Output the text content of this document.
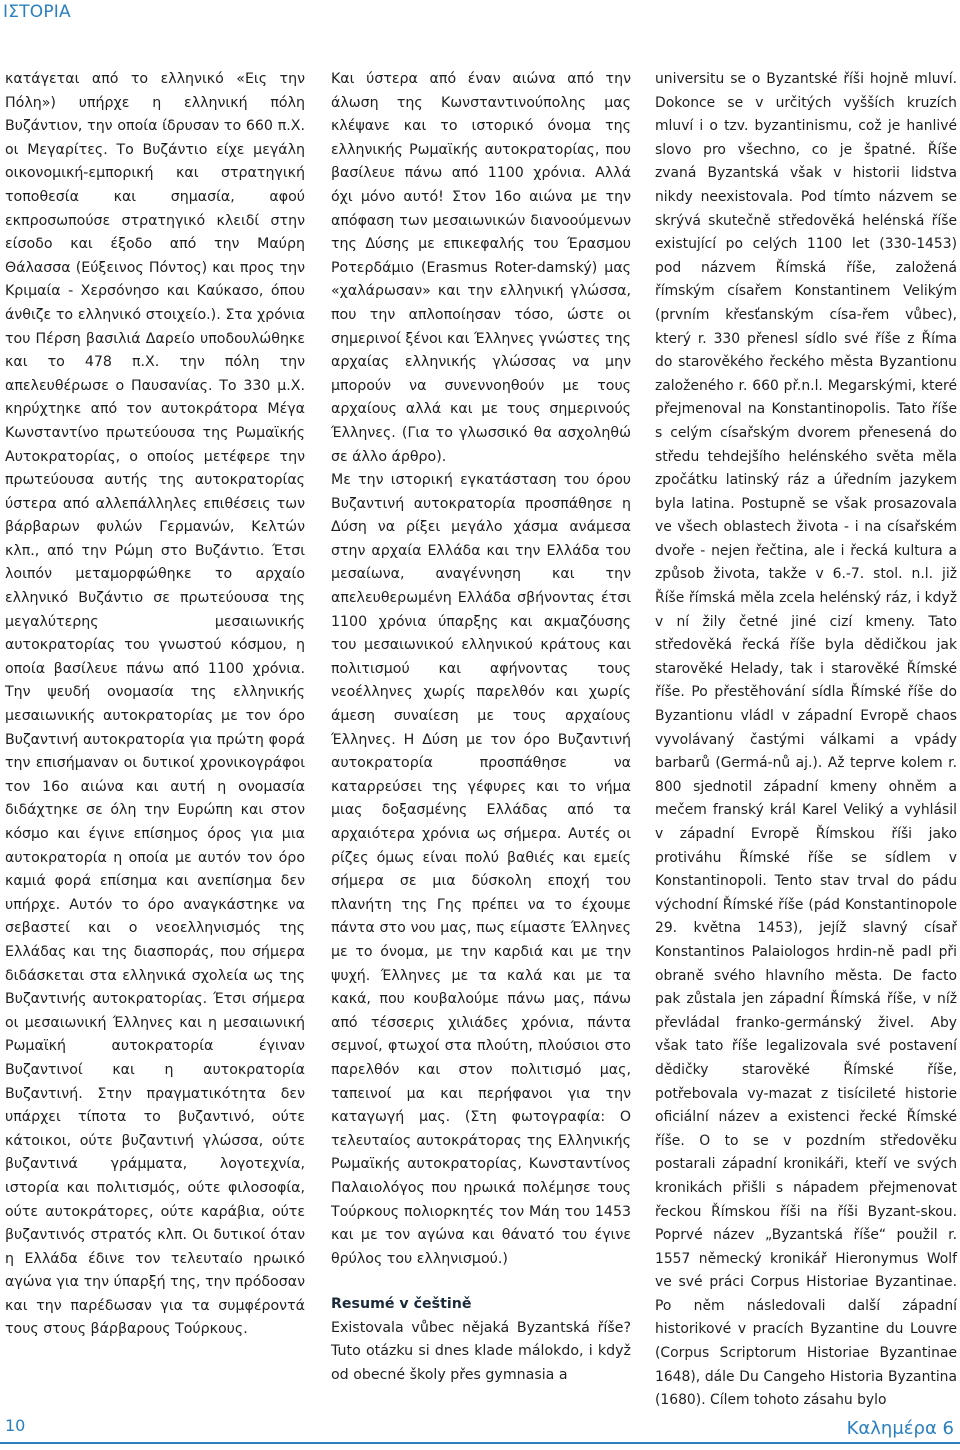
ΙΣΤΟΡΙΑ

κατάγεται από το ελληνικό «Εις την Πόλη») υπήρχε η ελληνική πόλη Βυζάντιον, την οποία ίδρυσαν το 660 π.Χ. οι Μεγαρίτες. Το Βυζάντιο είχε μεγάλη οικονομική-εμπορική και στρατηγική τοποθεσία και σημασία, αφού εκπροσωπούσε στρατηγικό κλειδί στην είσοδο και έξοδο από την Μαύρη Θάλασσα (Εύξεινος Πόντος) και προς την Κριμαία - Χερσόνησο και Καύκασο, όπου άνθιζε το ελληνικό στοιχείο.). Στα χρόνια του Πέρση βασιλιά Δαρείο υποδουλώθηκε και το 478 π.Χ. την πόλη την απελευθέρωσε ο Παυσανίας. Το 330 μ.Χ. κηρύχτηκε από τον αυτοκράτορα Μέγα Κωνσταντίνο πρωτεύουσα της Ρωμαϊκής Αυτοκρατορίας, ο οποίος μετέφερε την πρωτεύουσα αυτής της αυτοκρατορίας ύστερα από αλλεπάλληλες επιθέσεις των βάρβαρων φυλών Γερμανών, Κελτών κλπ., από την Ρώμη στο Βυζάντιο. Έτσι λοιπόν μεταμορφώθηκε το αρχαίο ελληνικό Βυζάντιο σε πρωτεύουσα της μεγαλύτερης μεσαιωνικής αυτοκρατορίας του γνωστού κόσμου, η οποία βασίλευε πάνω από 1100 χρόνια. Την ψευδή ονομασία της ελληνικής μεσαιωνικής αυτοκρατορίας με τον όρο Βυζαντινή αυτοκρατορία για πρώτη φορά την επισήμαναν οι δυτικοί χρονικογράφοι τον 16ο αιώνα και αυτή η ονομασία διδάχτηκε σε όλη την Ευρώπη και στον κόσμο και έγινε επίσημος όρος για μια αυτοκρατορία η οποία με αυτόν τον όρο καμιά φορά επίσημα και ανεπίσημα δεν υπήρχε. Αυτόν το όρο αναγκάστηκε να σεβαστεί και ο νεοελληνισμός της Ελλάδας και της διασποράς, που σήμερα διδάσκεται στα ελληνικά σχολεία ως της Βυζαντινής αυτοκρατορίας. Έτσι σήμερα οι μεσαιωνική Έλληνες και η μεσαιωνική Ρωμαϊκή αυτοκρατορία έγιναν Βυζαντινοί και η αυτοκρατορία Βυζαντινή. Στην πραγματικότητα δεν υπάρχει τίποτα το βυζαντινό, ούτε κάτοικοι, ούτε βυζαντινή γλώσσα, ούτε βυζαντινά γράμματα, λογοτεχνία, ιστορία και πολιτισμός, ούτε φιλοσοφία, ούτε αυτοκράτορες, ούτε καράβια, ούτε βυζαντινός στρατός κλπ. Οι δυτικοί όταν η Ελλάδα έδινε τον τελευταίο ηρωικό αγώνα για την ύπαρξή της, την πρόδοσαν και την παρέδωσαν για τα συμφέροντά τους στους βάρβαρους Τούρκους.

Και ύστερα από έναν αιώνα από την άλωση της Κωνσταντινούπολης μας κλέψανε και το ιστορικό όνομα της ελληνικής Ρωμαϊκής αυτοκρατορίας, που βασίλευε πάνω από 1100 χρόνια. Αλλά όχι μόνο αυτό! Στον 16ο αιώνα με την απόφαση των μεσαιωνικών διανοούμενων της Δύσης με επικεφαλής του Έρασμου Ροτερδάμιο (Erasmus Roter-damský) μας «χαλάρωσαν» και την ελληνική γλώσσα, που την απλοποίησαν τόσο, ώστε οι σημερινοί ξένοι και Έλληνες γνώστες της αρχαίας ελληνικής γλώσσας να μην μπορούν να συνεννοηθούν με τους αρχαίους αλλά και με τους σημερινούς Έλληνες. (Για το γλωσσικό θα ασχοληθώ σε άλλο άρθρο).

Με την ιστορική εγκατάσταση του όρου Βυζαντινή αυτοκρατορία προσπάθησε η Δύση να ρίξει μεγάλο χάσμα ανάμεσα στην αρχαία Ελλάδα και την Ελλάδα του μεσαίωνα, αναγέννηση και την απελευθερωμένη Ελλάδα σβήνοντας έτσι 1100 χρόνια ύπαρξης και ακμαζόυσης του μεσαιωνικού ελληνικού κράτους και πολιτισμού και αφήνοντας τους νεοέλληνες χωρίς παρελθόν και χωρίς άμεση συναίεση με τους αρχαίους Έλληνες. Η Δύση με τον όρο Βυζαντινή αυτοκρατορία προσπάθησε να καταρρεύσει της γέφυρες και το νήμα μιας δοξασμένης Ελλάδας από τα αρχαιότερα χρόνια ως σήμερα. Αυτές οι ρίζες όμως είναι πολύ βαθιές και εμείς σήμερα σε μια δύσκολη εποχή του πλανήτη της Γης πρέπει να το έχουμε πάντα στο νου μας, πως είμαστε Έλληνες με το όνομα, με την καρδιά και με την ψυχή. Έλληνες με τα καλά και με τα κακά, που κουβαλούμε πάνω μας, πάνω από τέσσερις χιλιάδες χρόνια, πάντα σεμνοί, φτωχοί στα πλούτη, πλούσιοι στο παρελθόν και στον πολιτισμό μας, ταπεινοί μα και περήφανοι για την καταγωγή μας. (Στη φωτογραφία: Ο τελευταίος αυτοκράτορας της Ελληνικής Ρωμαϊκής αυτοκρατορίας, Κωνσταντίνος Παλαιολόγος που ηρωικά πολέμησε τους Τούρκους πολιορκητές τον Μάη του 1453 και με τον αγώνα και θάνατό του έγινε θρύλος του ελληνισμού.)

Resumé v češtině

Existovala vůbec nějaká Byzantská říše? Tuto otázku si dnes klade málokdo, i když od obecné školy přes gymnasia a

universitu se o Byzantské říši hojně mluví. Dokonce se v určitých vyšších kruzích mluví i o tzv. byzantinismu, což je hanlivé slovo pro všechno, co je špatné. Říše zvaná Byzantská však v historii lidstva nikdy neexistovala. Pod tímto názvem se skrývá skutečně středověká helénská říše existující po celých 1100 let (330-1453) pod názvem Římská říše, založená římským císařem Konstantinem Velikým (prvním křesťanským císa-řem vůbec), který r. 330 přenesl sídlo své říše z Říma do starověkého řeckého města Byzantionu založeného r. 660 př.n.l. Megarskými, které přejmenoval na Konstantinopolis. Tato říše s celým císařským dvorem přenesená do středu tehdejšího helénského světa měla zpočátku latinský ráz a úředním jazykem byla latina. Postupně se však prosazovala ve všech oblastech života - i na císařském dvoře - nejen řečtina, ale i řecká kultura a způsob života, takže v 6.-7. stol. n.l. již Říše římská měla zcela helénský ráz, i když v ní žily četné jiné cizí kmeny. Tato středověká řecká říše byla dědičkou jak starověké Helady, tak i starověké Římské říše. Po přestěhování sídla Římské říše do Byzantionu vládl v západní Evropě chaos vyvolávaný častými válkami a vpády barbarů (Germá-nů aj.). Až teprve kolem r. 800 sjednotil západní kmeny ohněm a mečem franský král Karel Veliký a vyhlásil v západní Evropě Římskou říši jako protiváhu Římské říše se sídlem v Konstantinopoli. Tento stav trval do pádu východní Římské říše (pád Konstantinopole 29. května 1453), jejíž slavný císař Konstantinos Palaiologos hrdin-ně padl při obraně svého hlavního města. De facto pak zůstala jen západní Římská říše, v níž převládal franko-germánský živel. Aby však tato říše legalizovala své postavení dědičky starověké Římské říše, potřebovala vy-mazat z tisícileté historie oficiální název a existenci řecké Římské říše. O to se v pozdním středověku postarali západní kronikáři, kteří ve svých kronikách přišli s nápadem přejmenovat řeckou Římskou říši na říši Byzant-skou. Poprvé název „Byzantská říše“ použil r. 1557 německý kronikář Hieronymus Wolf ve své práci Corpus Historiae Byzantinae. Po něm následovali další západní historikové v pracích Byzantine du Louvre (Corpus Scriptorum Historiae Byzantinae 1648), dále Du Cangeho Historia Byzantina (1680). Cílem tohoto zásahu bylo

10	Καλημέρα 6
